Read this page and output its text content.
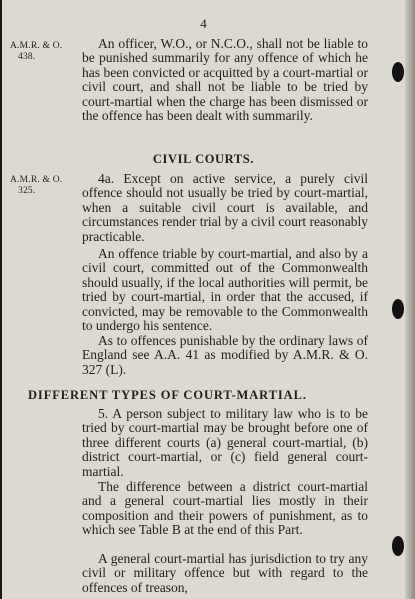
4
A.M.R. & O.
438.

An officer, W.O., or N.C.O., shall not be liable to be punished summarily for any offence of which he has been convicted or acquitted by a court-martial or civil court, and shall not be liable to be tried by court-martial when the charge has been dismissed or the offence has been dealt with summarily.

CIVIL COURTS.
A.M.R. & O.
325.

4a. Except on active service, a purely civil offence should not usually be tried by court-martial, when a suitable civil court is available, and circumstances render trial by a civil court reasonably practicable.

An offence triable by court-martial, and also by a civil court, committed out of the Commonwealth should usually, if the local authorities will permit, be tried by court-martial, in order that the accused, if convicted, may be removable to the Commonwealth to undergo his sentence.

As to offences punishable by the ordinary laws of England see A.A. 41 as modified by A.M.R. & O. 327 (L).

DIFFERENT TYPES OF COURT-MARTIAL.

5. A person subject to military law who is to be tried by court-martial may be brought before one of three different courts (a) general court-martial, (b) district court-martial, or (c) field general court-martial.

The difference between a district court-martial and a general court-martial lies mostly in their composition and their powers of punishment, as to which see Table B at the end of this Part.

A general court-martial has jurisdiction to try any civil or military offence but with regard to the offences of treason,
